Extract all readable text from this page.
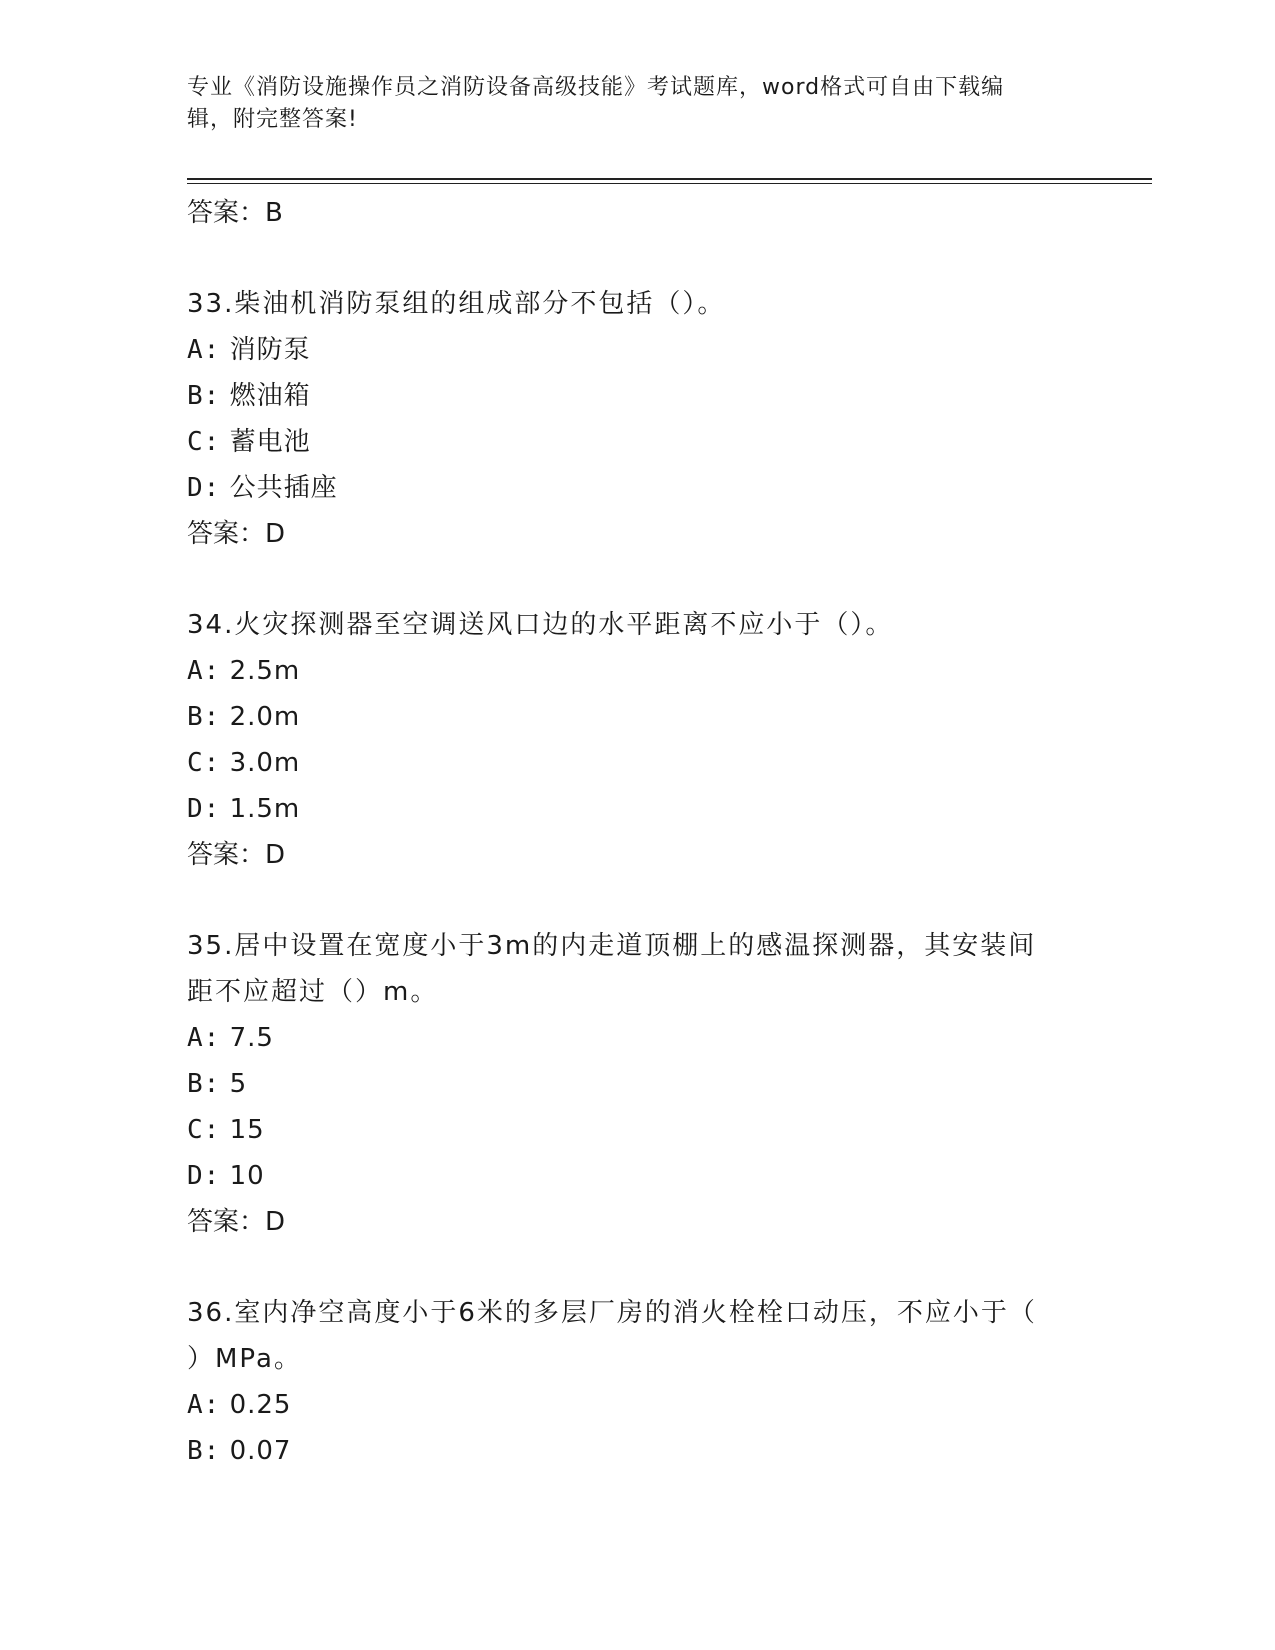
专业《消防设施操作员之消防设备高级技能》考试题库，word格式可自由下载编
辑，附完整答案!
答案：B
33.柴油机消防泵组的组成部分不包括（）。
A: 消防泵
B: 燃油箱
C: 蓄电池
D: 公共插座
答案：D
34.火灾探测器至空调送风口边的水平距离不应小于（）。
A: 2.5m
B: 2.0m
C: 3.0m
D: 1.5m
答案：D
35.居中设置在宽度小于3m的内走道顶棚上的感温探测器，其安装间
距不应超过（）m。
A: 7.5
B: 5
C: 15
D: 10
答案：D
36.室内净空高度小于6米的多层厂房的消火栓栓口动压，不应小于（
）MPa。
A: 0.25
B: 0.07
